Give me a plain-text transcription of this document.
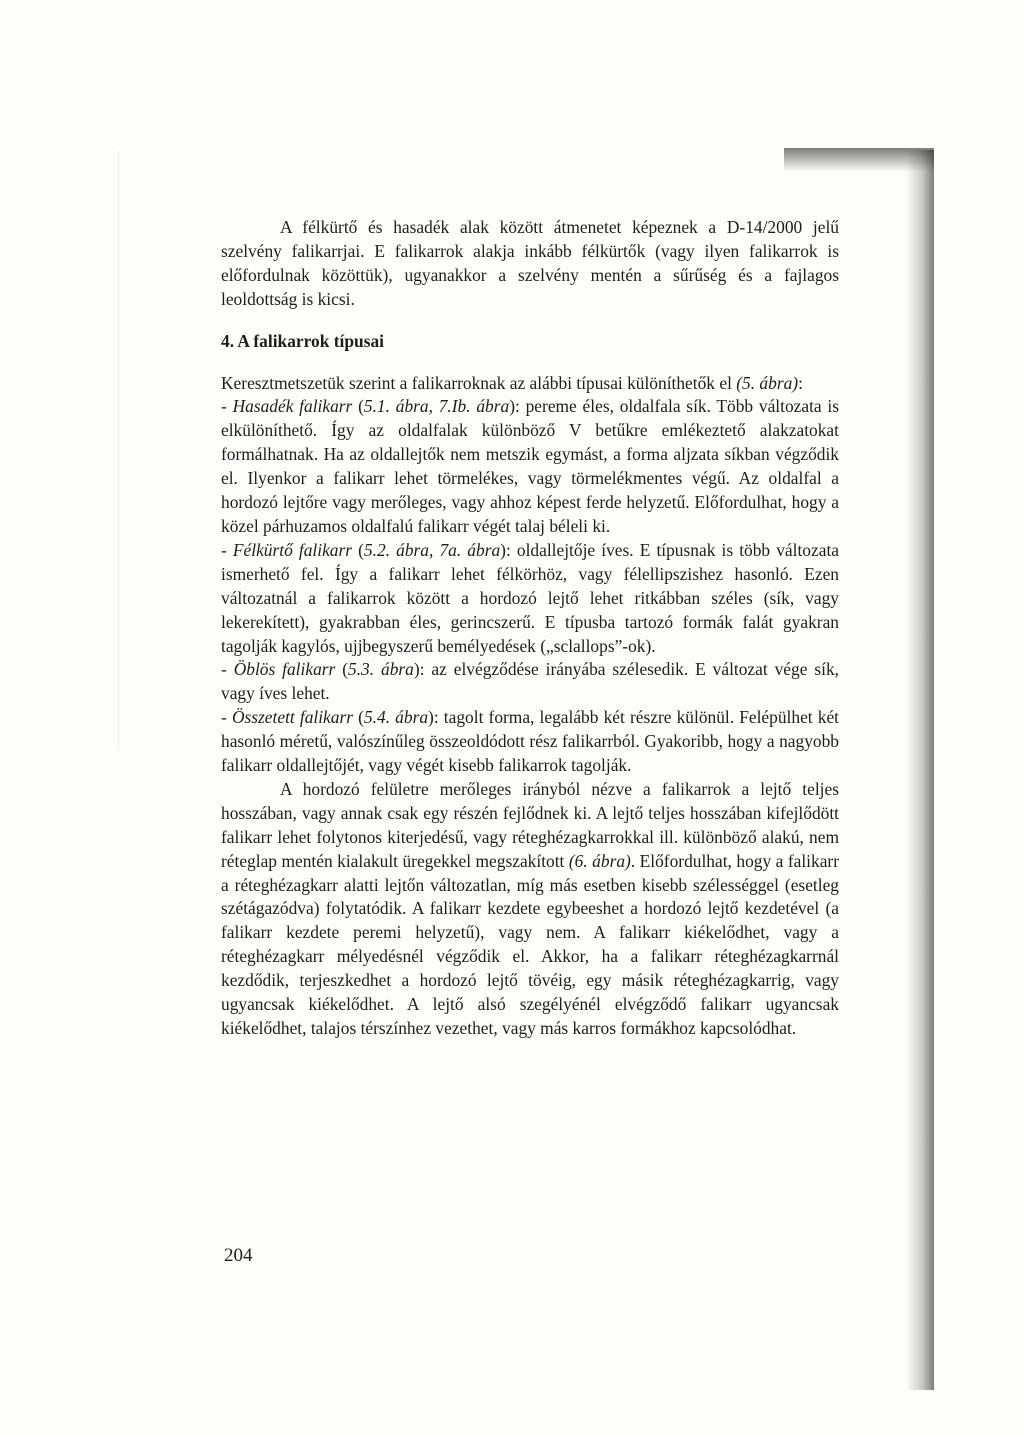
A félkürtő és hasadék alak között átmenetet képeznek a D-14/2000 jelű szelvény falikarrjai. E falikarrok alakja inkább félkürtők (vagy ilyen falikarrok is előfordulnak közöttük), ugyanakkor a szelvény mentén a sűrűség és a fajlagos leoldottság is kicsi.

4. A falikarrok típusai

Keresztmetszetük szerint a falikarroknak az alábbi típusai különíthetők el (5. ábra):

- Hasadék falikarr (5.1. ábra, 7.Ib. ábra): pereme éles, oldalfala sík. Több változata is elkülöníthető. Így az oldalfalak különböző V betűkre emlékeztető alakzatokat formálhatnak. Ha az oldallejtők nem metszik egymást, a forma aljzata síkban végződik el. Ilyenkor a falikarr lehet törmelékes, vagy törmelékmentes végű. Az oldalfal a hordozó lejtőre vagy merőleges, vagy ahhoz képest ferde helyzetű. Előfordulhat, hogy a közel párhuzamos oldalfalú falikarr végét talaj béleli ki.

- Félkürtő falikarr (5.2. ábra, 7a. ábra): oldallejtője íves. E típusnak is több változata ismerhető fel. Így a falikarr lehet félkörhöz, vagy félellipszishez hasonló. Ezen változatnál a falikarrok között a hordozó lejtő lehet ritkábban széles (sík, vagy lekerekített), gyakrabban éles, gerincszerű. E típusba tartozó formák falát gyakran tagolják kagylós, ujjbegyszerű bemélyedések („sclallops”-ok).

- Öblös falikarr (5.3. ábra): az elvégződése irányába szélesedik. E változat vége sík, vagy íves lehet.

- Összetett falikarr (5.4. ábra): tagolt forma, legalább két részre különül. Felépülhet két hasonló méretű, valószínűleg összeoldódott rész falikarrból. Gyakoribb, hogy a nagyobb falikarr oldallejtőjét, vagy végét kisebb falikarrok tagolják.

A hordozó felületre merőleges irányból nézve a falikarrok a lejtő teljes hosszában, vagy annak csak egy részén fejlődnek ki. A lejtő teljes hosszában kifejlődött falikarr lehet folytonos kiterjedésű, vagy réteghézagkarrokkal ill. különböző alakú, nem réteglap mentén kialakult üregekkel megszakított (6. ábra). Előfordulhat, hogy a falikarr a réteghézagkarr alatti lejtőn változatlan, míg más esetben kisebb szélességgel (esetleg szétágazódva) folytatódik. A falikarr kezdete egybeeshet a hordozó lejtő kezdetével (a falikarr kezdete peremi helyzetű), vagy nem. A falikarr kiékelődhet, vagy a réteghézagkarr mélyedésnél végződik el. Akkor, ha a falikarr réteghézagkarrnál kezdődik, terjeszkedhet a hordozó lejtő tövéig, egy másik réteghézagkarrig, vagy ugyancsak kiékelődhet. A lejtő alsó szegélyénél elvégződő falikarr ugyancsak kiékelődhet, talajos térszínhez vezethet, vagy más karros formákhoz kapcsolódhat.

204
